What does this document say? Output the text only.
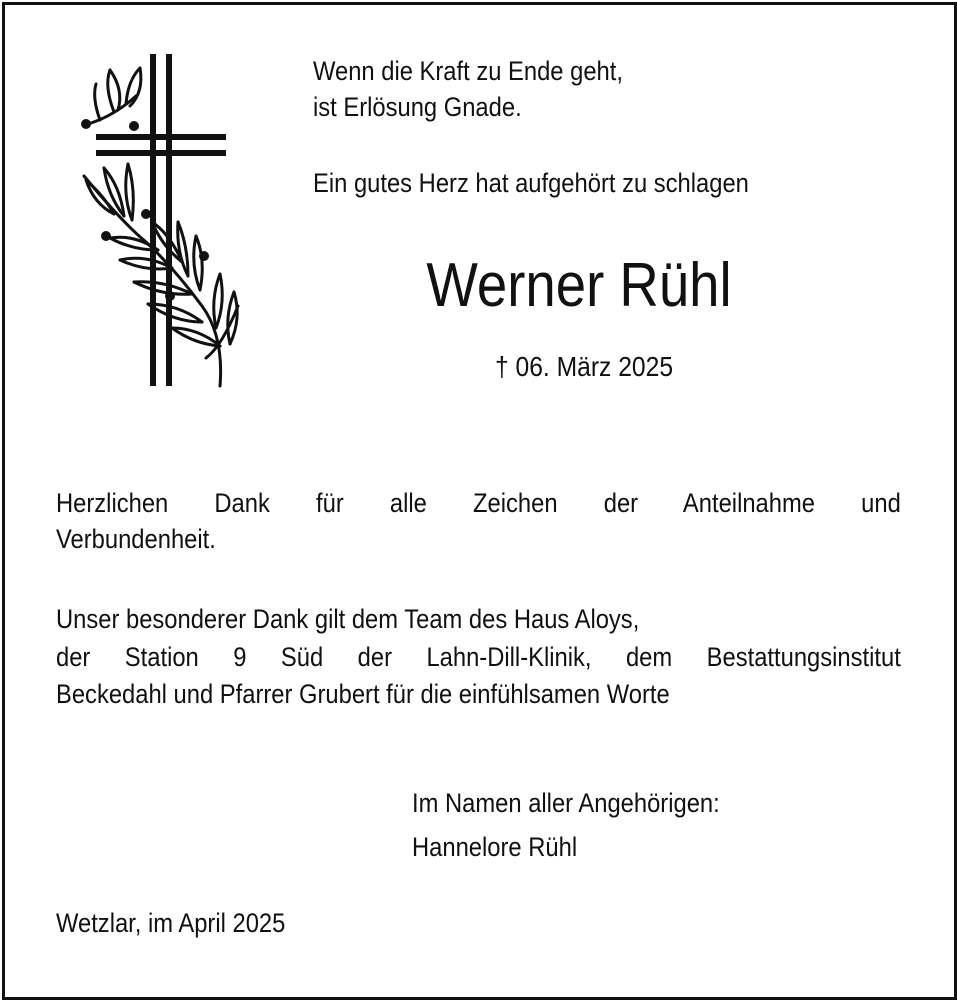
Wenn die Kraft zu Ende geht,

ist Erlösung Gnade.

Ein gutes Herz hat aufgehört zu schlagen

Werner Rühl

† 06. März 2025

Herzlichen Dank für alle Zeichen der Anteilnahme und

Verbundenheit.

Unser besonderer Dank gilt dem Team des Haus Aloys,

der Station 9 Süd der Lahn-Dill-Klinik, dem Bestattungsinstitut

Beckedahl und Pfarrer Grubert für die einfühlsamen Worte

Im Namen aller Angehörigen:

Hannelore Rühl

Wetzlar, im April 2025
